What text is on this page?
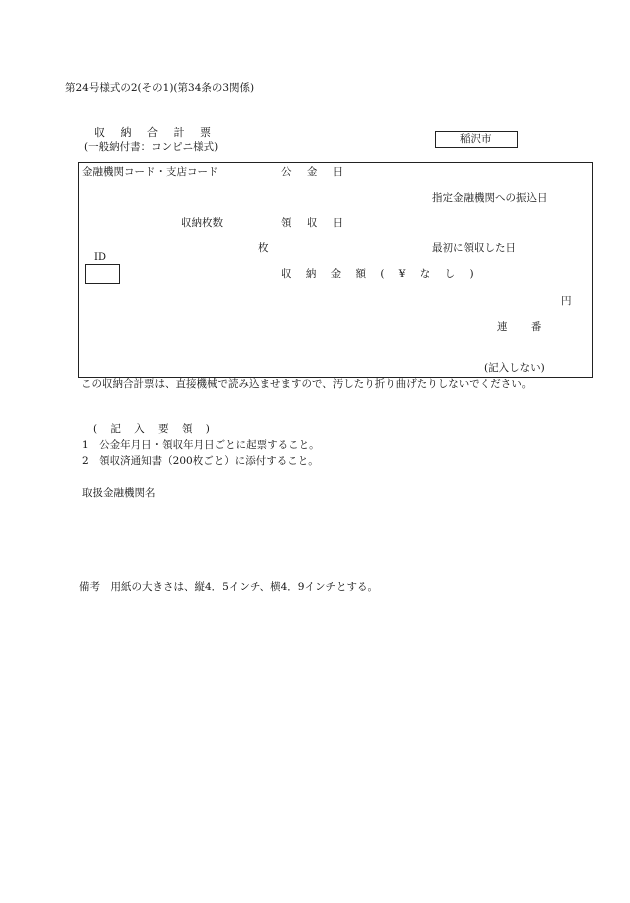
第24号様式の2(その1)(第34条の3関係)
収 納 合 計 票
(一般納付書：コンピニ様式)
稲沢市
金融機関コード・支店コード	公 金 日
指定金融機関への振込日
収納枚数	領 収 日
枚	最初に領収した日
ID
収 納 金 額 ( ¥ な し )
円
連 番
(記入しない)
この収納合計票は、直接機械で読み込ませますので、汚したり折り曲げたりしないでください。
( 記 入 要 領 )
1　公金年月日・領収年月日ごとに起票すること。
2　領収済通知書（200枚ごと）に添付すること。
取扱金融機関名
備考　用紙の大きさは、縦4．5インチ、横4．9インチとする。
